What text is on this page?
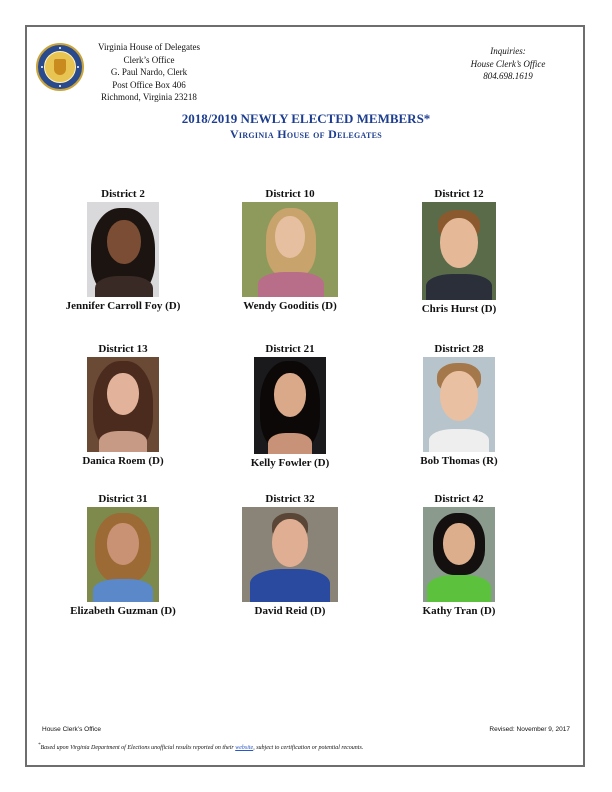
Virginia House of Delegates
Clerk’s Office
G. Paul Nardo, Clerk
Post Office Box 406
Richmond, Virginia 23218
Inquiries:
House Clerk’s Office
804.698.1619
2018/2019 NEWLY ELECTED MEMBERS*
Virginia House of Delegates
District 2
Jennifer Carroll Foy (D)
District 10
Wendy Gooditis (D)
District 12
Chris Hurst (D)
District 13
Danica Roem (D)
District 21
Kelly Fowler (D)
District 28
Bob Thomas (R)
District 31
Elizabeth Guzman (D)
District 32
David Reid (D)
District 42
Kathy Tran (D)
House Clerk’s Office	Revised: November 9, 2017
*Based upon Virginia Department of Elections unofficial results reported on their website, subject to certification or potential recounts.
